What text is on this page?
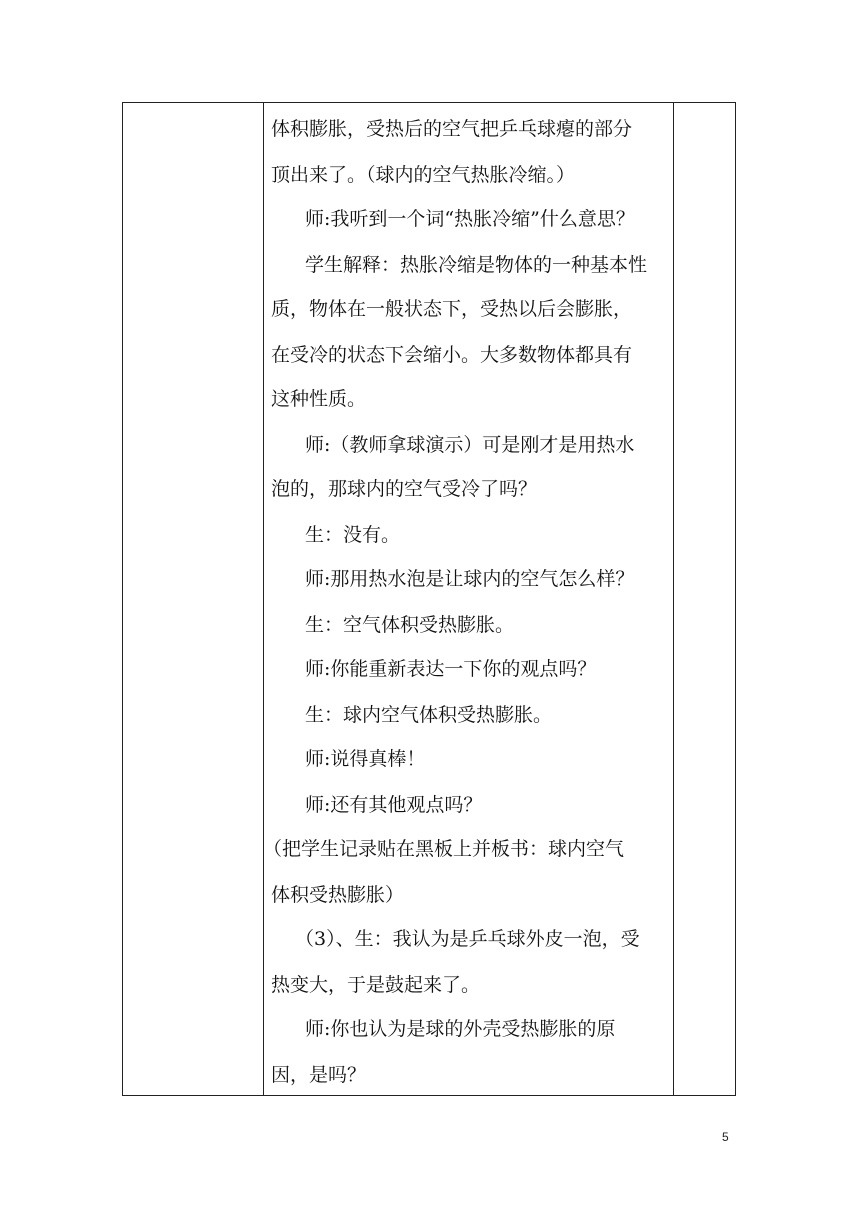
体积膨胀，受热后的空气把乒乓球瘪的部分
顶出来了。（球内的空气热胀冷缩。）
师:我听到一个词“热胀冷缩”什么意思？
学生解释：热胀冷缩是物体的一种基本性
质，物体在一般状态下，受热以后会膨胀，
在受冷的状态下会缩小。大多数物体都具有
这种性质。
师:（教师拿球演示）可是刚才是用热水
泡的，那球内的空气受冷了吗？
生：没有。
师:那用热水泡是让球内的空气怎么样？
生：空气体积受热膨胀。
师:你能重新表达一下你的观点吗？
生：球内空气体积受热膨胀。
师:说得真棒！
师:还有其他观点吗？
（把学生记录贴在黑板上并板书：球内空气
体积受热膨胀）
（3）、生：我认为是乒乓球外皮一泡，受
热变大，于是鼓起来了。
师:你也认为是球的外壳受热膨胀的原
因，是吗？
5
